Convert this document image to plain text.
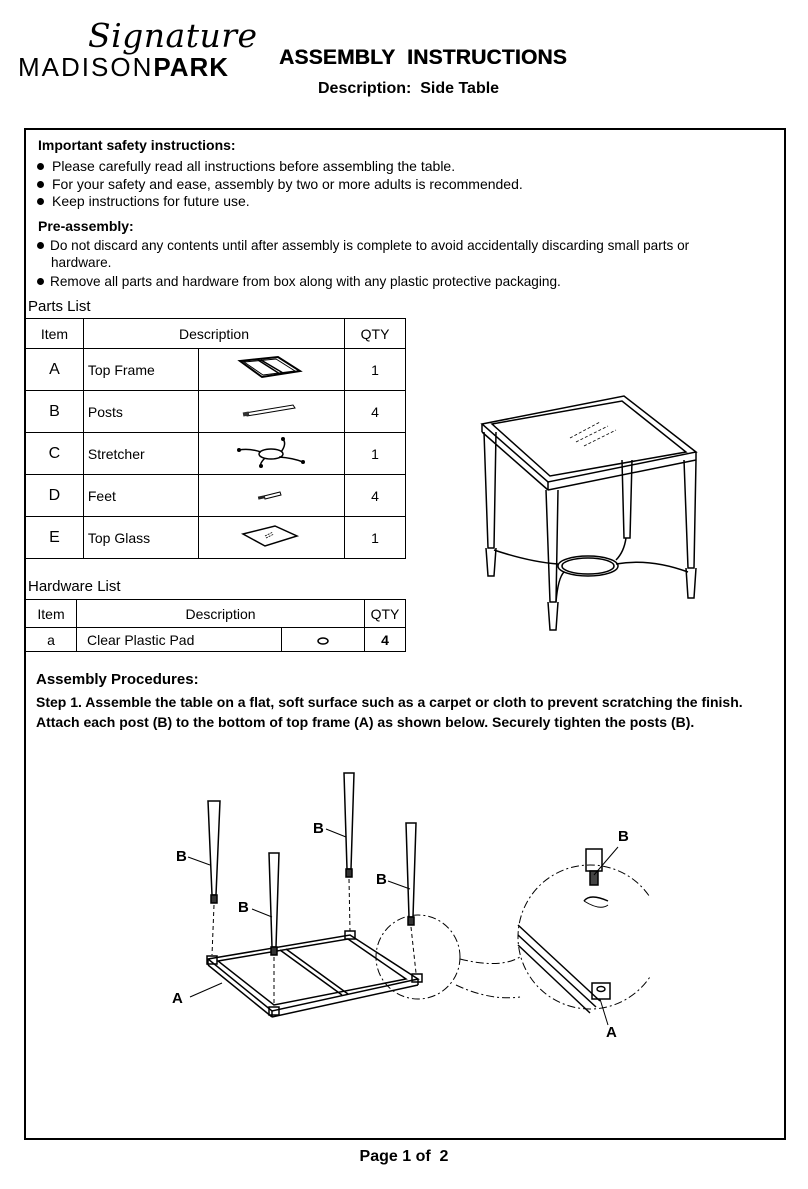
Signature
MADISONPARK ASSEMBLY  INSTRUCTIONS
Description:  Side Table
Important safety instructions:
Please carefully read all instructions before assembling the table.
For your safety and ease, assembly by two or more adults is recommended.
Keep instructions for future use.
Pre-assembly:
Do not discard any contents until after assembly is complete to avoid accidentally discarding small parts or
hardware.
Remove all parts and hardware from box along with any plastic protective packaging.
Parts List
Item	Description		QTY
A	Top Frame		1
B	Posts		4
C	Stretcher		1
D	Feet		4
E	Top Glass		1
Hardware List
Item	Description		QTY
a	Clear Plastic Pad		4
Assembly Procedures:
Step 1. Assemble the table on a flat, soft surface such as a carpet or cloth to prevent scratching the finish. Attach each post (B) to the bottom of top frame (A) as shown below. Securely tighten the posts (B).
B
B
B
B
A
B
A
Page 1 of  2
